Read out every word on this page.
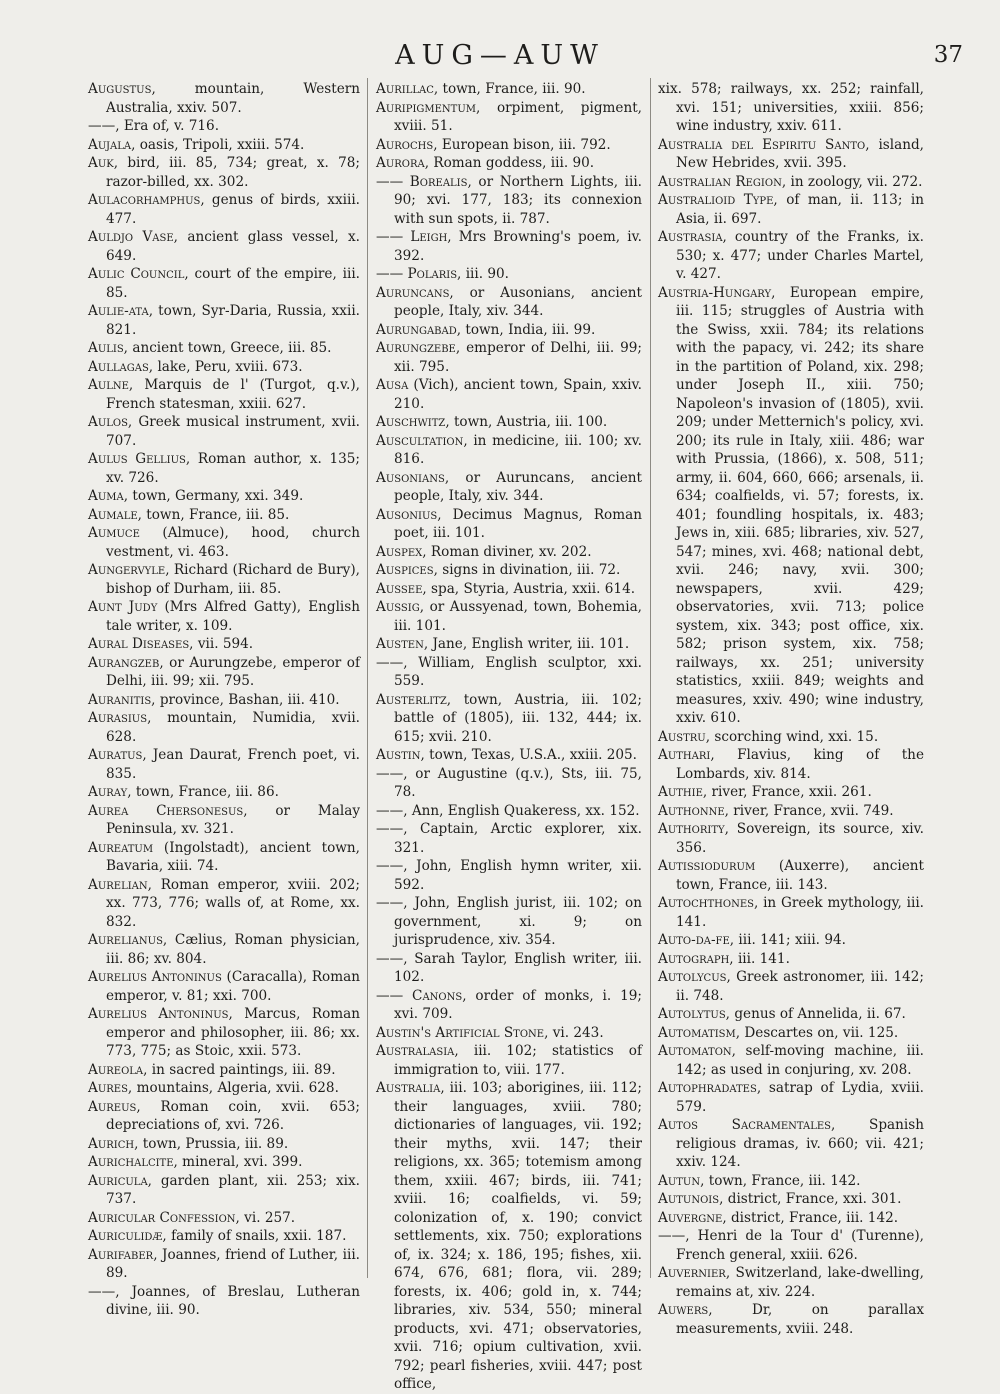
AUG—AUW	37

Augustus, mountain, Western Australia, xxiv. 507.

——, Era of, v. 716.

Aujala, oasis, Tripoli, xxiii. 574.

Auk, bird, iii. 85, 734; great, x. 78; razor-billed, xx. 302.

Aulacorhamphus, genus of birds, xxiii. 477.

Auldjo Vase, ancient glass vessel, x. 649.

Aulic Council, court of the empire, iii. 85.

Aulie-ata, town, Syr-Daria, Russia, xxii. 821.

Aulis, ancient town, Greece, iii. 85.

Aullagas, lake, Peru, xviii. 673.

Aulne, Marquis de l' (Turgot, q.v.), French statesman, xxiii. 627.

Aulos, Greek musical instrument, xvii. 707.

Aulus Gellius, Roman author, x. 135; xv. 726.

Auma, town, Germany, xxi. 349.

Aumale, town, France, iii. 85.

Aumuce (Almuce), hood, church vestment, vi. 463.

Aungervyle, Richard (Richard de Bury), bishop of Durham, iii. 85.

Aunt Judy (Mrs Alfred Gatty), English tale writer, x. 109.

Aural Diseases, vii. 594.

Aurangzeb, or Aurungzebe, emperor of Delhi, iii. 99; xii. 795.

Auranitis, province, Bashan, iii. 410.

Aurasius, mountain, Numidia, xvii. 628.

Auratus, Jean Daurat, French poet, vi. 835.

Auray, town, France, iii. 86.

Aurea Chersonesus, or Malay Peninsula, xv. 321.

Aureatum (Ingolstadt), ancient town, Bavaria, xiii. 74.

Aurelian, Roman emperor, xviii. 202; xx. 773, 776; walls of, at Rome, xx. 832.

Aurelianus, Cælius, Roman physician, iii. 86; xv. 804.

Aurelius Antoninus (Caracalla), Roman emperor, v. 81; xxi. 700.

Aurelius Antoninus, Marcus, Roman emperor and philosopher, iii. 86; xx. 773, 775; as Stoic, xxii. 573.

Aureola, in sacred paintings, iii. 89.

Aures, mountains, Algeria, xvii. 628.

Aureus, Roman coin, xvii. 653; depreciations of, xvi. 726.

Aurich, town, Prussia, iii. 89.

Aurichalcite, mineral, xvi. 399.

Auricula, garden plant, xii. 253; xix. 737.

Auricular Confession, vi. 257.

Auriculidæ, family of snails, xxii. 187.

Aurifaber, Joannes, friend of Luther, iii. 89.

——, Joannes, of Breslau, Lutheran divine, iii. 90.

Aurillac, town, France, iii. 90.

Auripigmentum, orpiment, pigment, xviii. 51.

Aurochs, European bison, iii. 792.

Aurora, Roman goddess, iii. 90.

—— Borealis, or Northern Lights, iii. 90; xvi. 177, 183; its connexion with sun spots, ii. 787.

—— Leigh, Mrs Browning's poem, iv. 392.

—— Polaris, iii. 90.

Auruncans, or Ausonians, ancient people, Italy, xiv. 344.

Aurungabad, town, India, iii. 99.

Aurungzebe, emperor of Delhi, iii. 99; xii. 795.

Ausa (Vich), ancient town, Spain, xxiv. 210.

Auschwitz, town, Austria, iii. 100.

Auscultation, in medicine, iii. 100; xv. 816.

Ausonians, or Auruncans, ancient people, Italy, xiv. 344.

Ausonius, Decimus Magnus, Roman poet, iii. 101.

Auspex, Roman diviner, xv. 202.

Auspices, signs in divination, iii. 72.

Aussee, spa, Styria, Austria, xxii. 614.

Aussig, or Aussyenad, town, Bohemia, iii. 101.

Austen, Jane, English writer, iii. 101.

——, William, English sculptor, xxi. 559.

Austerlitz, town, Austria, iii. 102; battle of (1805), iii. 132, 444; ix. 615; xvii. 210.

Austin, town, Texas, U.S.A., xxiii. 205.

——, or Augustine (q.v.), Sts, iii. 75, 78.

——, Ann, English Quakeress, xx. 152.

——, Captain, Arctic explorer, xix. 321.

——, John, English hymn writer, xii. 592.

——, John, English jurist, iii. 102; on government, xi. 9; on jurisprudence, xiv. 354.

——, Sarah Taylor, English writer, iii. 102.

—— Canons, order of monks, i. 19; xvi. 709.

Austin's Artificial Stone, vi. 243.

Australasia, iii. 102; statistics of immigration to, viii. 177.

Australia, iii. 103; aborigines, iii. 112; their languages, xviii. 780; dictionaries of languages, vii. 192; their myths, xvii. 147; their religions, xx. 365; totemism among them, xxiii. 467; birds, iii. 741; xviii. 16; coalfields, vi. 59; colonization of, x. 190; convict settlements, xix. 750; explorations of, ix. 324; x. 186, 195; fishes, xii. 674, 676, 681; flora, vii. 289; forests, ix. 406; gold in, x. 744; libraries, xiv. 534, 550; mineral products, xvi. 471; observatories, xvii. 716; opium cultivation, xvii. 792; pearl fisheries, xviii. 447; post office,

xix. 578; railways, xx. 252; rainfall, xvi. 151; universities, xxiii. 856; wine industry, xxiv. 611.

Australia del Espiritu Santo, island, New Hebrides, xvii. 395.

Australian Region, in zoology, vii. 272.

Australioid Type, of man, ii. 113; in Asia, ii. 697.

Austrasia, country of the Franks, ix. 530; x. 477; under Charles Martel, v. 427.

Austria-Hungary, European empire, iii. 115; struggles of Austria with the Swiss, xxii. 784; its relations with the papacy, vi. 242; its share in the partition of Poland, xix. 298; under Joseph II., xiii. 750; Napoleon's invasion of (1805), xvii. 209; under Metternich's policy, xvi. 200; its rule in Italy, xiii. 486; war with Prussia, (1866), x. 508, 511; army, ii. 604, 660, 666; arsenals, ii. 634; coalfields, vi. 57; forests, ix. 401; foundling hospitals, ix. 483; Jews in, xiii. 685; libraries, xiv. 527, 547; mines, xvi. 468; national debt, xvii. 246; navy, xvii. 300; newspapers, xvii. 429; observatories, xvii. 713; police system, xix. 343; post office, xix. 582; prison system, xix. 758; railways, xx. 251; university statistics, xxiii. 849; weights and measures, xxiv. 490; wine industry, xxiv. 610.

Austru, scorching wind, xxi. 15.

Authari, Flavius, king of the Lombards, xiv. 814.

Authie, river, France, xxii. 261.

Authonne, river, France, xvii. 749.

Authority, Sovereign, its source, xiv. 356.

Autissiodurum (Auxerre), ancient town, France, iii. 143.

Autochthones, in Greek mythology, iii. 141.

Auto-da-fe, iii. 141; xiii. 94.

Autograph, iii. 141.

Autolycus, Greek astronomer, iii. 142; ii. 748.

Autolytus, genus of Annelida, ii. 67.

Automatism, Descartes on, vii. 125.

Automaton, self-moving machine, iii. 142; as used in conjuring, xv. 208.

Autophradates, satrap of Lydia, xviii. 579.

Autos Sacramentales, Spanish religious dramas, iv. 660; vii. 421; xxiv. 124.

Autun, town, France, iii. 142.

Autunois, district, France, xxi. 301.

Auvergne, district, France, iii. 142.

——, Henri de la Tour d' (Turenne), French general, xxiii. 626.

Auvernier, Switzerland, lake-dwelling, remains at, xiv. 224.

Auwers, Dr, on parallax measurements, xviii. 248.
